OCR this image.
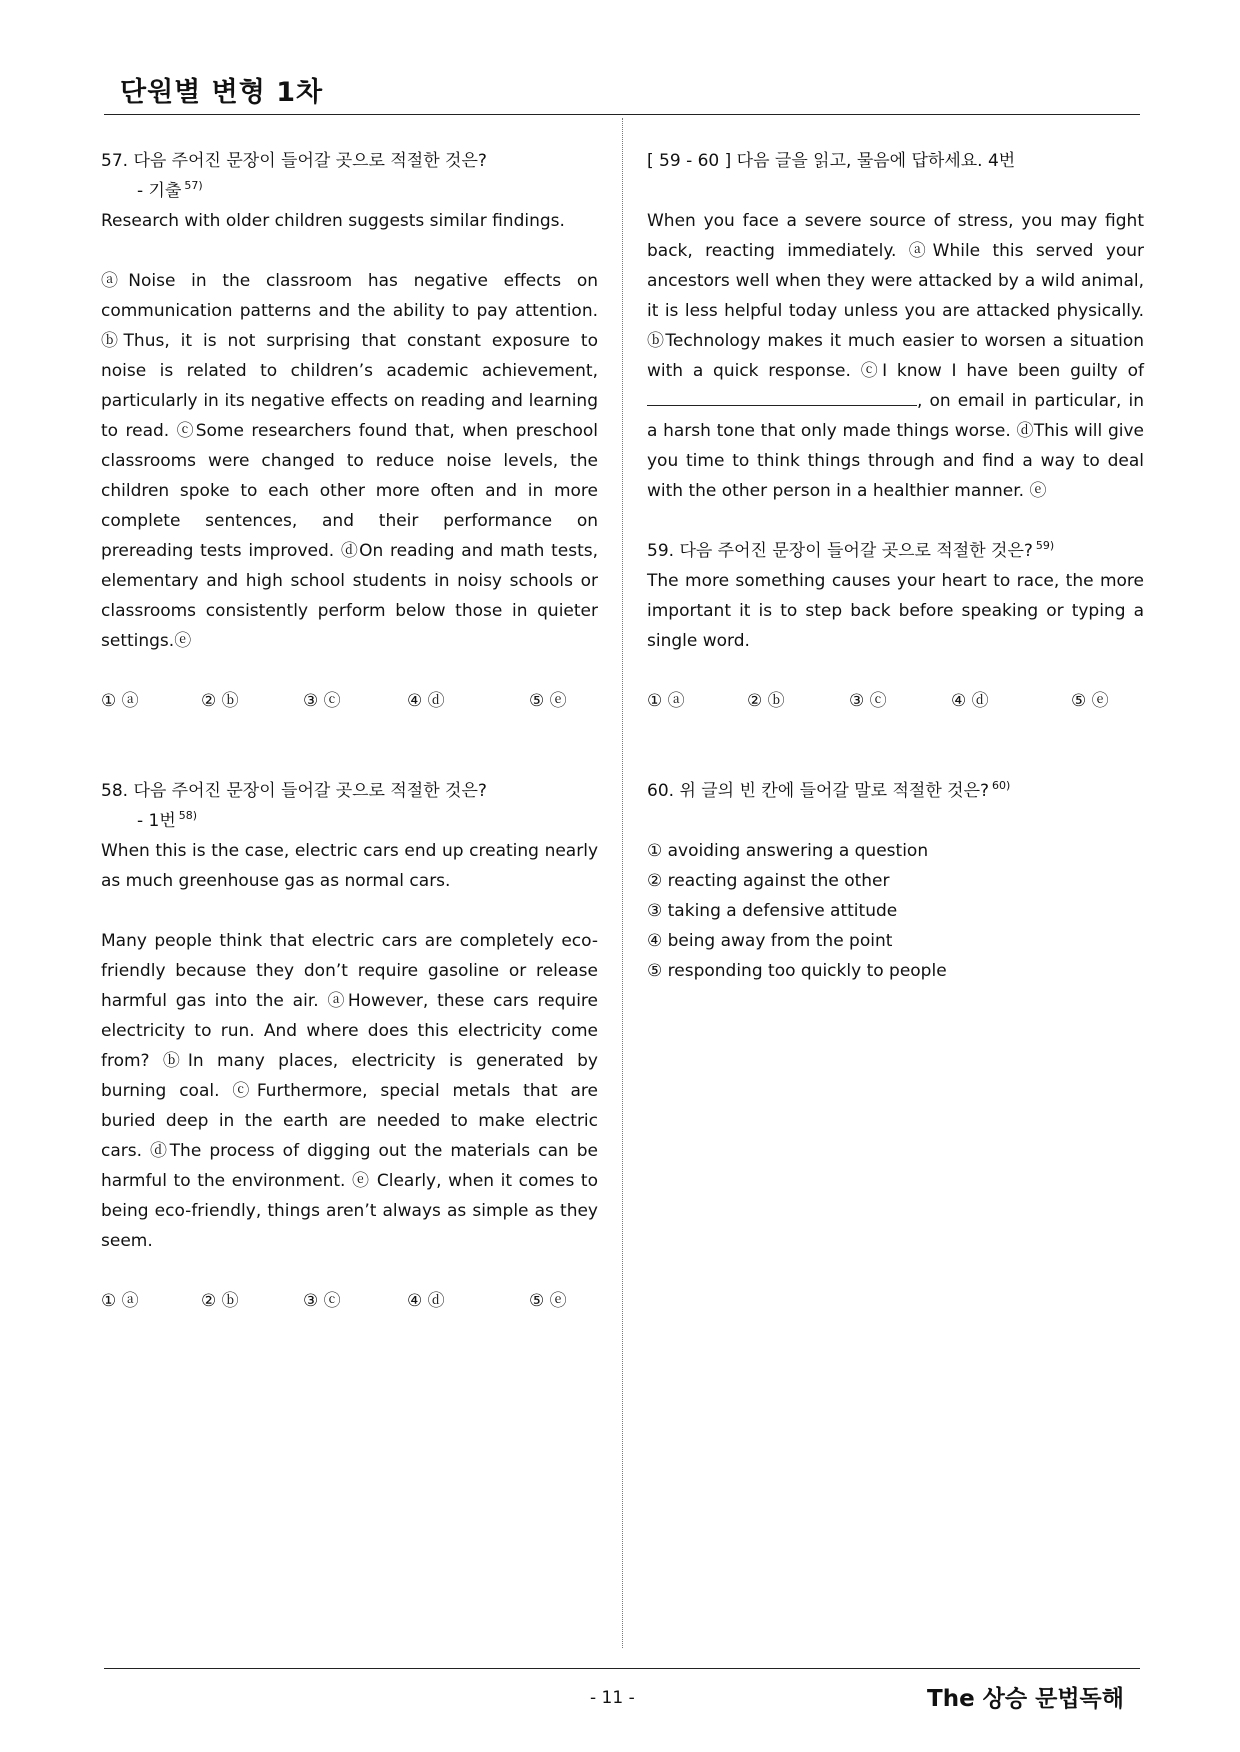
단원별 변형 1차

57. 다음 주어진 문장이 들어갈 곳으로 적절한 것은?

- 기출 $^{57)}$

Research with older children suggests similar findings.

ⓐNoise in the classroom has negative effects on communication patterns and the ability to pay attention. ⓑThus, it is not surprising that constant exposure to noise is related to children’s academic achievement, particularly in its negative effects on reading and learning to read. ⓒSome researchers found that, when preschool classrooms were changed to reduce noise levels, the children spoke to each other more often and in more complete sentences, and their performance on prereading tests improved. ⓓOn reading and math tests, elementary and high school students in noisy schools or classrooms consistently perform below those in quieter settings.ⓔ

① ⓐ	② ⓑ	③ ⓒ	④ ⓓ	⑤ ⓔ

58. 다음 주어진 문장이 들어갈 곳으로 적절한 것은?

- 1번 $^{58)}$

When this is the case, electric cars end up creating nearly as much greenhouse gas as normal cars.

Many people think that electric cars are completely eco-friendly because they don’t require gasoline or release harmful gas into the air. ⓐHowever, these cars require electricity to run. And where does this electricity come from? ⓑIn many places, electricity is generated by burning coal. ⓒFurthermore, special metals that are buried deep in the earth are needed to make electric cars. ⓓThe process of digging out the materials can be harmful to the environment. ⓔ Clearly, when it comes to being eco-friendly, things aren’t always as simple as they seem.

① ⓐ	② ⓑ	③ ⓒ	④ ⓓ	⑤ ⓔ

[ 59 - 60 ] 다음 글을 읽고, 물음에 답하세요. 4번

When you face a severe source of stress, you may fight back, reacting immediately. ⓐWhile this served your ancestors well when they were attacked by a wild animal, it is less helpful today unless you are attacked physically. ⓑTechnology makes it much easier to worsen a situation with a quick response. ⓒI know I have been guilty of , on email in particular, in a harsh tone that only made things worse. ⓓThis will give you time to think things through and find a way to deal with the other person in a healthier manner. ⓔ

59. 다음 주어진 문장이 들어갈 곳으로 적절한 것은? $^{59)}$

The more something causes your heart to race, the more important it is to step back before speaking or typing a single word.

① ⓐ	② ⓑ	③ ⓒ	④ ⓓ	⑤ ⓔ

60. 위 글의 빈 칸에 들어갈 말로 적절한 것은? $^{60)}$

① avoiding answering a question
② reacting against the other
③ taking a defensive attitude
④ being away from the point
⑤ responding too quickly to people
- 11 -	The 상승 문법독해
